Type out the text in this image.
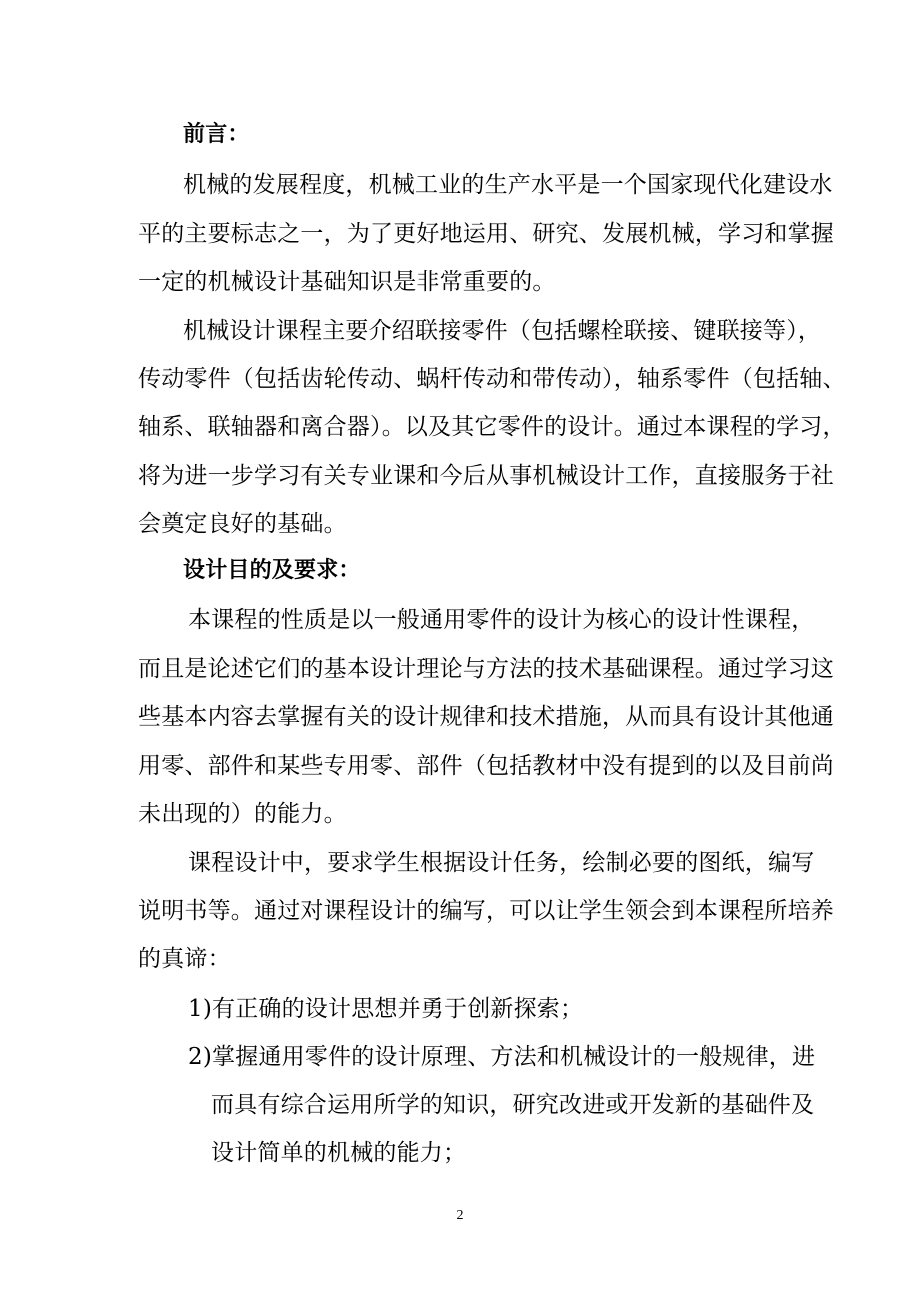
前言：
机械的发展程度，机械工业的生产水平是一个国家现代化建设水
平的主要标志之一，为了更好地运用、研究、发展机械，学习和掌握
一定的机械设计基础知识是非常重要的。
机械设计课程主要介绍联接零件（包括螺栓联接、键联接等），
传动零件（包括齿轮传动、蜗杆传动和带传动），轴系零件（包括轴、
轴系、联轴器和离合器）。以及其它零件的设计。通过本课程的学习，
将为进一步学习有关专业课和今后从事机械设计工作，直接服务于社
会奠定良好的基础。
设计目的及要求：
本课程的性质是以一般通用零件的设计为核心的设计性课程，
而且是论述它们的基本设计理论与方法的技术基础课程。通过学习这
些基本内容去掌握有关的设计规律和技术措施，从而具有设计其他通
用零、部件和某些专用零、部件（包括教材中没有提到的以及目前尚
未出现的）的能力。
课程设计中，要求学生根据设计任务，绘制必要的图纸，编写
说明书等。通过对课程设计的编写，可以让学生领会到本课程所培养
的真谛：
1)有正确的设计思想并勇于创新探索；
2)掌握通用零件的设计原理、方法和机械设计的一般规律，进
而具有综合运用所学的知识，研究改进或开发新的基础件及
设计简单的机械的能力；
2
